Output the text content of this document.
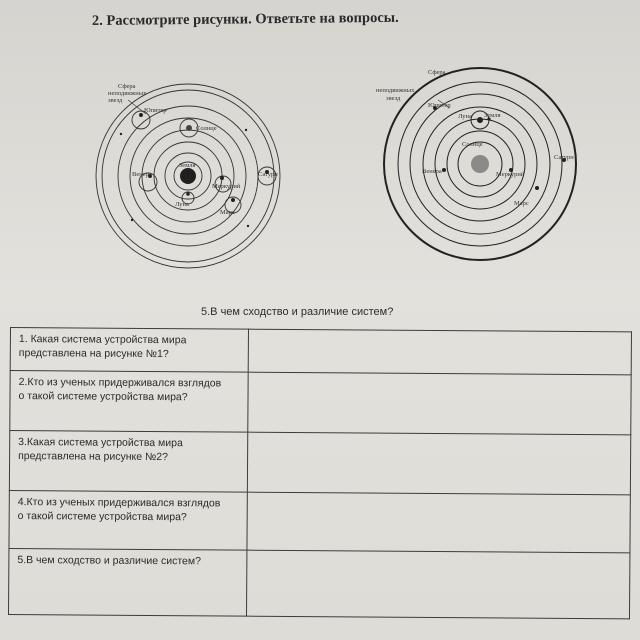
2. Рассмотрите рисунки. Ответьте на вопросы.
Сфера
неподвижных
звезд
Юпитер
Солнце
Земля
Венера	Сатурн
Меркурий
Луна
Марс
Сфера
неподвижных
звезд
Юпитер
Луна Земля
Солнце
Венера	Меркурий
Сатурн
Марс
5.В чем сходство и различие систем?
1. Какая система устройства мира
представлена на рисунке №1?	

2.Кто из ученых придерживался взглядов
о такой системе устройства мира?	

3.Какая система устройства мира
представлена на рисунке №2?	

4.Кто из ученых придерживался взглядов
о такой системе устройства мира?	

5.В чем сходство и различие систем?	
